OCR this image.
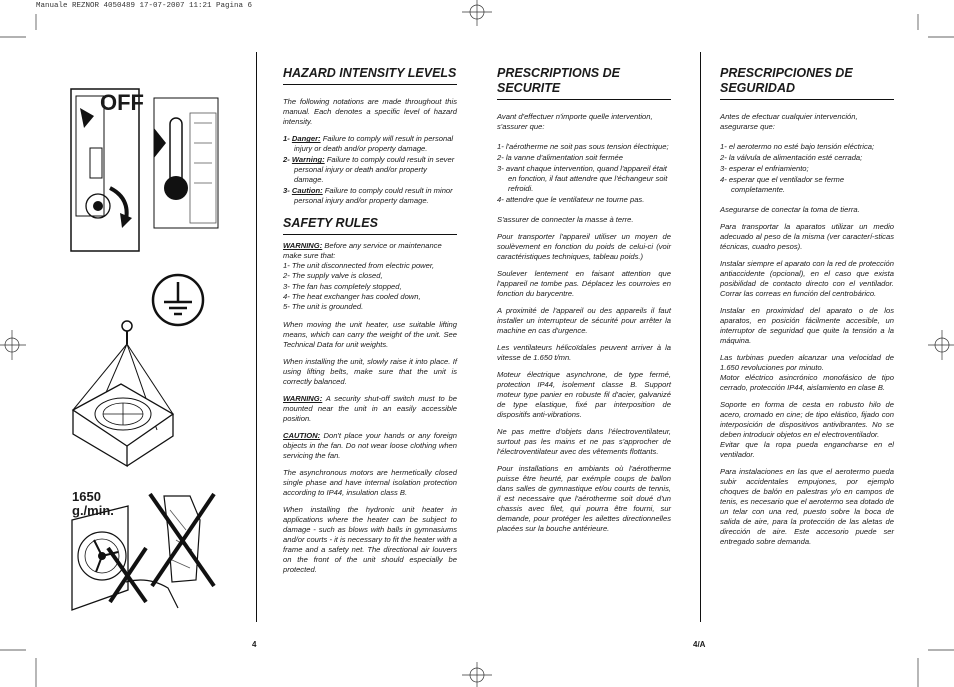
Manuale REZNOR 4050489 17-07-2007 11:21 Pagina 6
OFF
1650
g./min.
HAZARD INTENSITY LEVELS

The following notations are made throughout this manual. Each denotes a specific level of hazard intensity.

1- Danger: Failure to comply will result in personal injury or death and/or property damage.
2- Warning: Failure to comply could result in sever personal injury or death and/or property damage.
3- Caution: Failure to comply could result in minor personal injury and/or property damage.
SAFETY RULES

WARNING: Before any service or maintenance make sure that:

1- The unit disconnected from electric power,
2- The supply valve is closed,
3- The fan has completely stopped,
4- The heat exchanger has cooled down,
5- The unit is grounded.

When moving the unit heater, use suitable lifting means, which can carry the weight of the unit. See Technical Data for unit weights.

When installing the unit, slowly raise it into place. If using lifting belts, make sure that the unit is correctly balanced.

WARNING: A security shut-off switch must to be mounted near the unit in an easily accessible position.

CAUTION: Don't place your hands or any foreign objects in the fan. Do not wear loose clothing when servicing the fan.

The asynchronous motors are hermetically closed single phase and have internal isolation protection according to IP44, insulation class B.

When installing the hydronic unit heater in applications where the heater can be subject to damage - such as blows with balls in gymnasiums and/or courts - it is necessary to fit the heater with a frame and a safety net. The directional air louvers on the front of the unit should especially be protected.

PRESCRIPTIONS DE SECURITE

Avant d'effectuer n'importe quelle intervention, s'assurer que:

1- l'aérotherme ne soit pas sous tension électrique;
2- la vanne d'alimentation soit fermée
3- avant chaque intervention, quand l'appareil était en fonction, il faut attendre que l'échangeur soit refroidi.
4- attendre que le ventilateur ne tourne pas.

S'assurer de connecter la masse à terre.

Pour transporter l'appareil utiliser un moyen de soulèvement en fonction du poids de celui-ci (voir caractéristiques techniques, tableau poids.)

Soulever lentement en faisant attention que l'appareil ne tombe pas. Déplacez les courroies en fonction du barycentre.

A proximité de l'appareil ou des appareils il faut installer un interrupteur de sécurité pour arrêter la machine en cas d'urgence.

Les ventilateurs hélicoïdales peuvent arriver à la vitesse de 1.650 t/mn.

Moteur électrique asynchrone, de type fermé, protection IP44, isolement classe B. Support moteur type panier en robuste fil d'acier, galvanizé de type elastique, fixé par interposition de dispositifs anti-vibrations.

Ne pas mettre d'objets dans l'électroventilateur, surtout pas les mains et ne pas s'approcher de l'électroventilateur avec des vêtements flottants.

Pour installations en ambiants où l'aérotherme puisse être heurté, par exémple coups de ballon dans salles de gymnastique et/ou courts de tennis, il est necessaire que l'aérotherme soit doué d'un chassis avec filet, qui pourra être fourni, sur demande, pour protéger les ailettes directionnelles placées sur la bouche antérieure.

PRESCRIPCIONES DE SEGURIDAD

Antes de efectuar cualquier intervención, asegurarse que:

1- el aerotermo no esté bajo tensión eléctrica;
2- la válvula de alimentación esté cerrada;
3- esperar el enfriamiento;
4- esperar que el ventilador se ferme completamente.

Asegurarse de conectar la toma de tierra.

Para transportar la aparatos utilizar un medio adecuado al peso de la misma (ver caracterí-sticas técnicas, cuadro pesos).

Instalar siempre el aparato con la red de protección antiaccidente (opcional), en el caso que exista posibilidad de contacto directo con el ventilador. Corrar las correas en función del centrobárico.

Instalar en proximidad del aparato o de los aparatos, en posición fácilmente accesible, un interruptor de seguridad que quite la tensión a la máquina.

Las turbinas pueden alcanzar una velocidad de 1.650 revoluciones por minuto.

Motor eléctrico asincrónico monofásico de tipo cerrado, protección IP44, aislamiento en clase B.

Soporte en forma de cesta en robusto hilo de acero, cromado en cine; de tipo elástico, fijado con interposición de dispositivos antivibrantes. No se deben introducir objetos en el electroventilador.

Evitar que la ropa pueda engancharse en el ventilador.

Para instalaciones en las que el aerotermo pueda subir accidentales empujones, por ejemplo choques de balón en palestras y/o en campos de tenis, es necesario que el aerotermo sea dotado de un telar con una red, puesto sobre la boca de salida de aire, para la protección de las aletas de dirección de aire. Este accesorio puede ser entregado sobre demanda.

4	4/A
